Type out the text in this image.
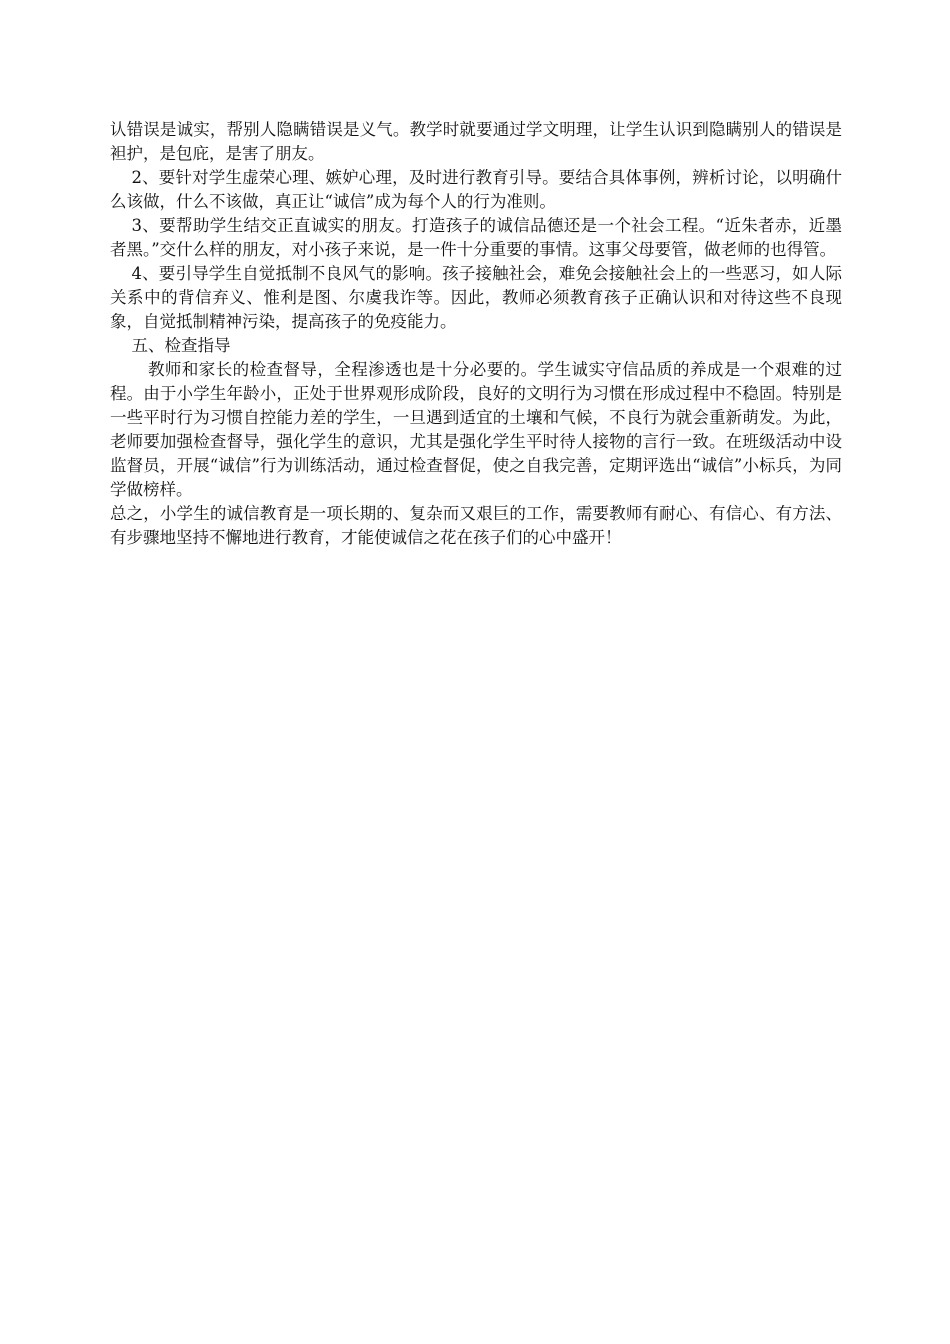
认错误是诚实，帮别人隐瞒错误是义气。教学时就要通过学文明理，让学生认识到隐瞒别人的错误是袒护，是包庇，是害了朋友。

2、要针对学生虚荣心理、嫉妒心理，及时进行教育引导。要结合具体事例，辨析讨论，以明确什么该做，什么不该做，真正让“诚信”成为每个人的行为准则。

3、要帮助学生结交正直诚实的朋友。打造孩子的诚信品德还是一个社会工程。“近朱者赤，近墨者黑。”交什么样的朋友，对小孩子来说，是一件十分重要的事情。这事父母要管，做老师的也得管。

4、要引导学生自觉抵制不良风气的影响。孩子接触社会，难免会接触社会上的一些恶习，如人际关系中的背信弃义、惟利是图、尔虞我诈等。因此，教师必须教育孩子正确认识和对待这些不良现象，自觉抵制精神污染，提高孩子的免疫能力。

五、检查指导

教师和家长的检查督导，全程渗透也是十分必要的。学生诚实守信品质的养成是一个艰难的过程。由于小学生年龄小，正处于世界观形成阶段，良好的文明行为习惯在形成过程中不稳固。特别是一些平时行为习惯自控能力差的学生，一旦遇到适宜的土壤和气候，不良行为就会重新萌发。为此，老师要加强检查督导，强化学生的意识，尤其是强化学生平时待人接物的言行一致。在班级活动中设监督员，开展“诚信”行为训练活动，通过检查督促，使之自我完善，定期评选出“诚信”小标兵，为同学做榜样。

总之，小学生的诚信教育是一项长期的、复杂而又艰巨的工作，需要教师有耐心、有信心、有方法、有步骤地坚持不懈地进行教育，才能使诚信之花在孩子们的心中盛开！
